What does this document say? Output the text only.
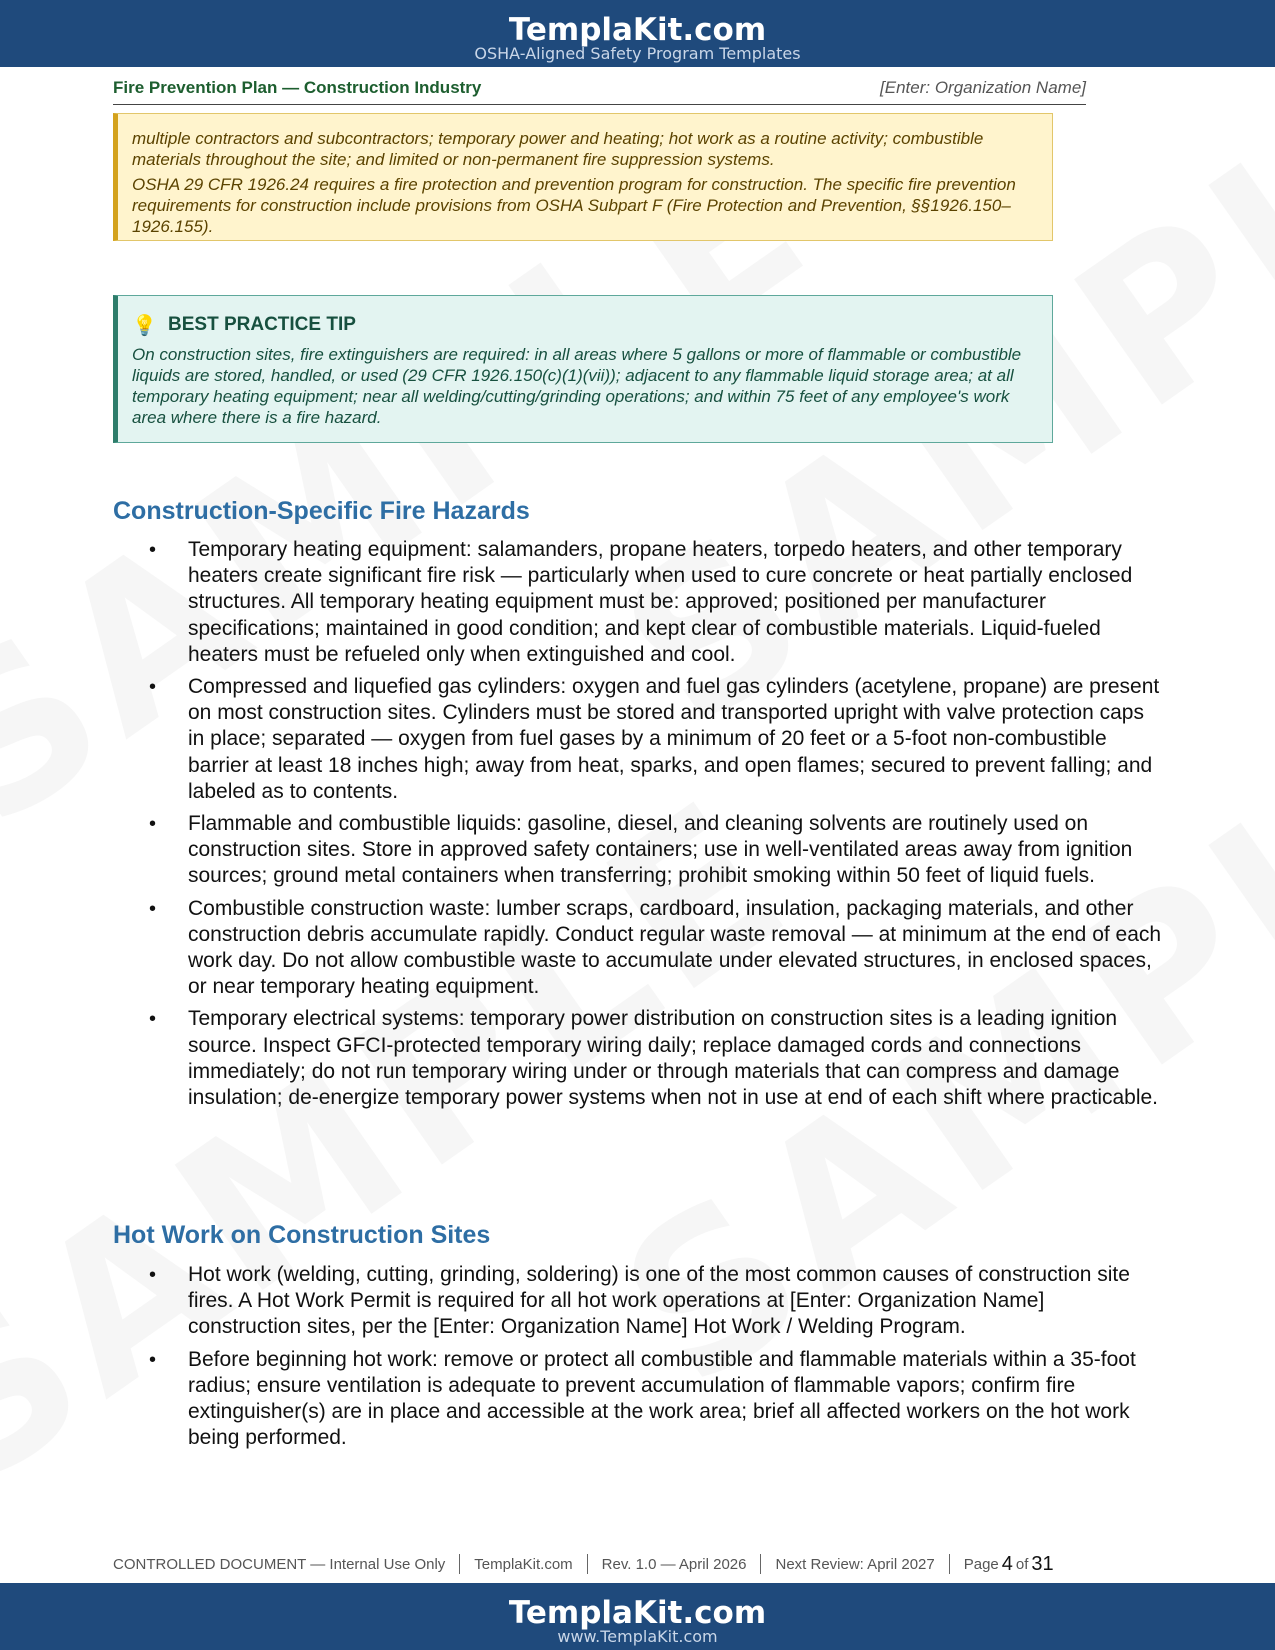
TemplaKit.com
OSHA-Aligned Safety Program Templates
Fire Prevention Plan — Construction Industry	[Enter: Organization Name]

multiple contractors and subcontractors; temporary power and heating; hot work as a routine activity; combustible materials throughout the site; and limited or non-permanent fire suppression systems.

OSHA 29 CFR 1926.24 requires a fire protection and prevention program for construction. The specific fire prevention requirements for construction include provisions from OSHA Subpart F (Fire Protection and Prevention, §§1926.150–1926.155).

💡 BEST PRACTICE TIP
On construction sites, fire extinguishers are required: in all areas where 5 gallons or more of flammable or combustible liquids are stored, handled, or used (29 CFR 1926.150(c)(1)(vii)); adjacent to any flammable liquid storage area; at all temporary heating equipment; near all welding/cutting/grinding operations; and within 75 feet of any employee's work area where there is a fire hazard.
Construction-Specific Fire Hazards
• Temporary heating equipment: salamanders, propane heaters, torpedo heaters, and other temporary heaters create significant fire risk — particularly when used to cure concrete or heat partially enclosed structures. All temporary heating equipment must be: approved; positioned per manufacturer specifications; maintained in good condition; and kept clear of combustible materials. Liquid-fueled heaters must be refueled only when extinguished and cool.
• Compressed and liquefied gas cylinders: oxygen and fuel gas cylinders (acetylene, propane) are present on most construction sites. Cylinders must be stored and transported upright with valve protection caps in place; separated — oxygen from fuel gases by a minimum of 20 feet or a 5-foot non-combustible barrier at least 18 inches high; away from heat, sparks, and open flames; secured to prevent falling; and labeled as to contents.
• Flammable and combustible liquids: gasoline, diesel, and cleaning solvents are routinely used on construction sites. Store in approved safety containers; use in well-ventilated areas away from ignition sources; ground metal containers when transferring; prohibit smoking within 50 feet of liquid fuels.
• Combustible construction waste: lumber scraps, cardboard, insulation, packaging materials, and other construction debris accumulate rapidly. Conduct regular waste removal — at minimum at the end of each work day. Do not allow combustible waste to accumulate under elevated structures, in enclosed spaces, or near temporary heating equipment.
• Temporary electrical systems: temporary power distribution on construction sites is a leading ignition source. Inspect GFCI-protected temporary wiring daily; replace damaged cords and connections immediately; do not run temporary wiring under or through materials that can compress and damage insulation; de-energize temporary power systems when not in use at end of each shift where practicable.
Hot Work on Construction Sites
• Hot work (welding, cutting, grinding, soldering) is one of the most common causes of construction site fires. A Hot Work Permit is required for all hot work operations at [Enter: Organization Name] construction sites, per the [Enter: Organization Name] Hot Work / Welding Program.
• Before beginning hot work: remove or protect all combustible and flammable materials within a 35-foot radius; ensure ventilation is adequate to prevent accumulation of flammable vapors; confirm fire extinguisher(s) are in place and accessible at the work area; brief all affected workers on the hot work being performed.
CONTROLLED DOCUMENT — Internal Use Only TemplaKit.com Rev. 1.0 — April 2026 Next Review: April 2027 Page 4 of 31
TemplaKit.com
www.TemplaKit.com
